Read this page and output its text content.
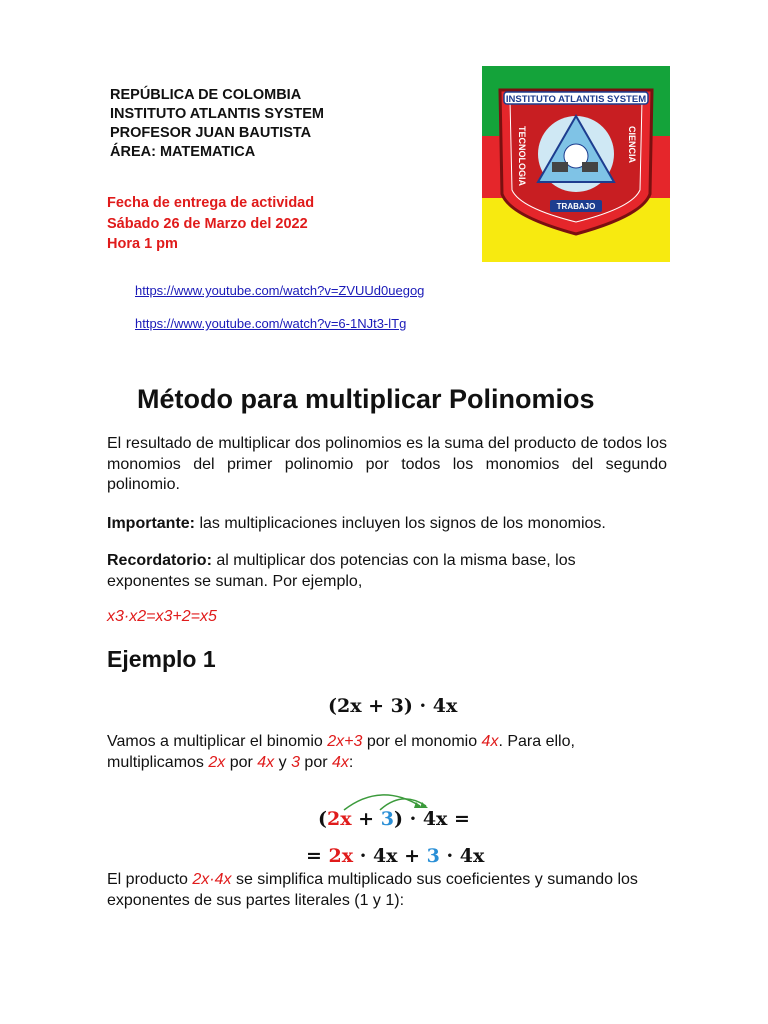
REPÚBLICA DE COLOMBIA
INSTITUTO ATLANTIS SYSTEM
PROFESOR JUAN BAUTISTA
ÁREA: MATEMATICA
Fecha de entrega de actividad
Sábado 26 de Marzo del 2022
Hora 1 pm
INSTITUTO ATLANTIS SYSTEM
TECNOLOGIA	CIENCIA
TRABAJO
https://www.youtube.com/watch?v=ZVUUd0uegog
https://www.youtube.com/watch?v=6-1NJt3-lTg
Método para multiplicar Polinomios

El resultado de multiplicar dos polinomios es la suma del producto de todos los monomios del primer polinomio por todos los monomios del segundo polinomio.

Importante: las multiplicaciones incluyen los signos de los monomios.

Recordatorio: al multiplicar dos potencias con la misma base, los exponentes se suman. Por ejemplo,

x3·x2=x3+2=x5

Ejemplo 1
(2x + 3) · 4x

Vamos a multiplicar el binomio 2x+3 por el monomio 4x. Para ello, multiplicamos 2x por 4x y 3 por 4x:

(2x + 3) · 4x =
= 2x · 4x + 3 · 4x

El producto 2x·4x se simplifica multiplicado sus coeficientes y sumando los exponentes de sus partes literales (1 y 1):
